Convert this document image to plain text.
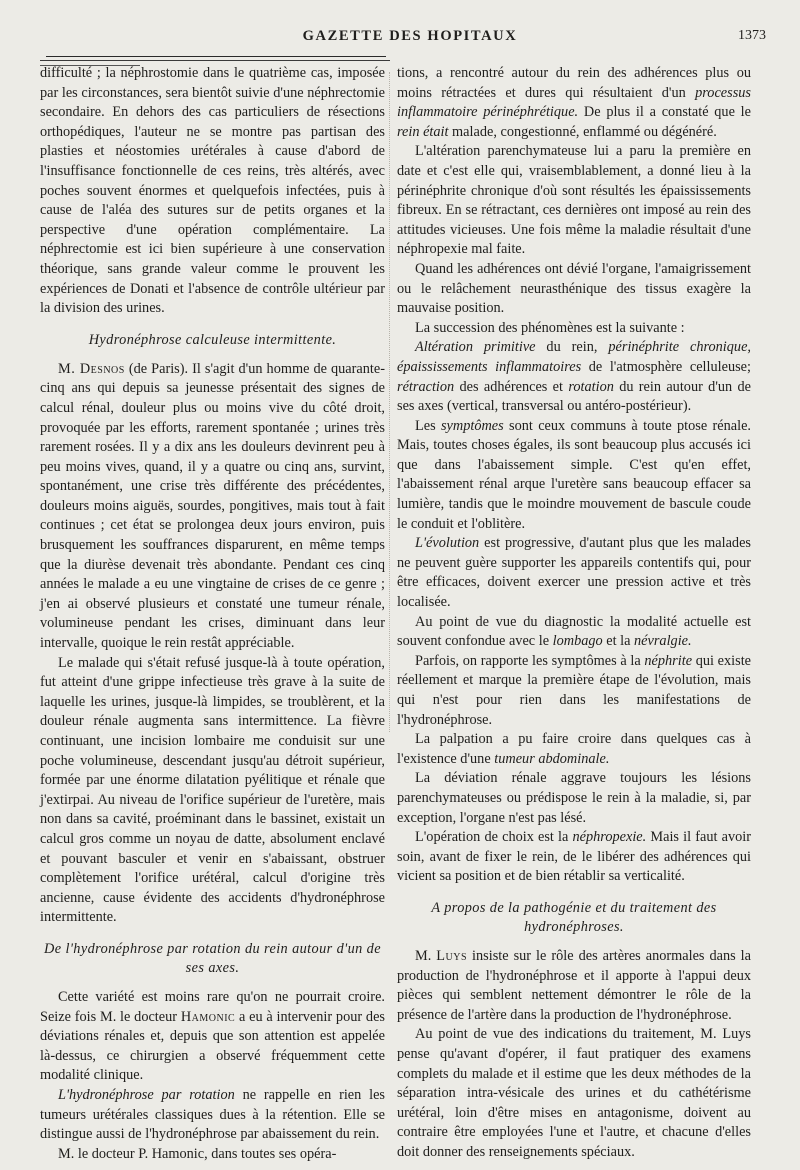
GAZETTE DES HOPITAUX	1373

difficulté ; la néphrostomie dans le quatrième cas, imposée par les circonstances, sera bientôt suivie d'une néphrectomie secondaire. En dehors des cas particuliers de résections orthopédiques, l'auteur ne se montre pas partisan des plasties et néostomies urétérales à cause d'abord de l'insuffisance fonctionnelle de ces reins, très altérés, avec poches souvent énormes et quelquefois infectées, puis à cause de l'aléa des sutures sur de petits organes et la perspective d'une opération complémentaire. La néphrectomie est ici bien supérieure à une conservation théorique, sans grande valeur comme le prouvent les expériences de Donati et l'absence de contrôle ultérieur par la division des urines.

Hydronéphrose calculeuse intermittente.

M. Desnos (de Paris). Il s'agit d'un homme de quarante-cinq ans qui depuis sa jeunesse présentait des signes de calcul rénal, douleur plus ou moins vive du côté droit, provoquée par les efforts, rarement spontanée ; urines très rarement rosées. Il y a dix ans les douleurs devinrent peu à peu moins vives, quand, il y a quatre ou cinq ans, survint, spontanément, une crise très différente des précédentes, douleurs moins aiguës, sourdes, pongitives, mais tout à fait continues ; cet état se prolongea deux jours environ, puis brusquement les souffrances disparurent, en même temps que la diurèse devenait très abondante. Pendant ces cinq années le malade a eu une vingtaine de crises de ce genre ; j'en ai observé plusieurs et constaté une tumeur rénale, volumineuse pendant les crises, diminuant dans leur intervalle, quoique le rein restât appréciable.

Le malade qui s'était refusé jusque-là à toute opération, fut atteint d'une grippe infectieuse très grave à la suite de laquelle les urines, jusque-là limpides, se troublèrent, et la douleur rénale augmenta sans intermittence. La fièvre continuant, une incision lombaire me conduisit sur une poche volumineuse, descendant jusqu'au détroit supérieur, formée par une énorme dilatation pyélitique et rénale que j'extirpai. Au niveau de l'orifice supérieur de l'uretère, mais non dans sa cavité, proéminant dans le bassinet, existait un calcul gros comme un noyau de datte, absolument enclavé et pouvant basculer et venir en s'abaissant, obstruer complètement l'orifice urétéral, calcul d'origine très ancienne, cause évidente des accidents d'hydronéphrose intermittente.

De l'hydronéphrose par rotation du rein autour d'un de ses axes.

Cette variété est moins rare qu'on ne pourrait croire. Seize fois M. le docteur Hamonic a eu à intervenir pour des déviations rénales et, depuis que son attention est appelée là-dessus, ce chirurgien a observé fréquemment cette modalité clinique.

L'hydronéphrose par rotation ne rappelle en rien les tumeurs urétérales classiques dues à la rétention. Elle se distingue aussi de l'hydronéphrose par abaissement du rein.

M. le docteur P. Hamonic, dans toutes ses opéra-

tions, a rencontré autour du rein des adhérences plus ou moins rétractées et dures qui résultaient d'un processus inflammatoire périnéphrétique. De plus il a constaté que le rein était malade, congestionné, enflammé ou dégénéré.

L'altération parenchymateuse lui a paru la première en date et c'est elle qui, vraisemblablement, a donné lieu à la périnéphrite chronique d'où sont résultés les épaississements fibreux. En se rétractant, ces dernières ont imposé au rein des attitudes vicieuses. Une fois même la maladie résultait d'une néphropexie mal faite.

Quand les adhérences ont dévié l'organe, l'amaigrissement ou le relâchement neurasthénique des tissus exagère la mauvaise position.

La succession des phénomènes est la suivante :

Altération primitive du rein, périnéphrite chronique, épaississements inflammatoires de l'atmosphère celluleuse; rétraction des adhérences et rotation du rein autour d'un de ses axes (vertical, transversal ou antéro-postérieur).

Les symptômes sont ceux communs à toute ptose rénale. Mais, toutes choses égales, ils sont beaucoup plus accusés ici que dans l'abaissement simple. C'est qu'en effet, l'abaissement rénal arque l'uretère sans beaucoup effacer sa lumière, tandis que le moindre mouvement de bascule coude le conduit et l'oblitère.

L'évolution est progressive, d'autant plus que les malades ne peuvent guère supporter les appareils contentifs qui, pour être efficaces, doivent exercer une pression active et très localisée.

Au point de vue du diagnostic la modalité actuelle est souvent confondue avec le lombago et la névralgie.

Parfois, on rapporte les symptômes à la néphrite qui existe réellement et marque la première étape de l'évolution, mais qui n'est pour rien dans les manifestations de l'hydronéphrose.

La palpation a pu faire croire dans quelques cas à l'existence d'une tumeur abdominale.

La déviation rénale aggrave toujours les lésions parenchymateuses ou prédispose le rein à la maladie, si, par exception, l'organe n'est pas lésé.

L'opération de choix est la néphropexie. Mais il faut avoir soin, avant de fixer le rein, de le libérer des adhérences qui vicient sa position et de bien rétablir sa verticalité.

A propos de la pathogénie et du traitement des hydronéphroses.

M. Luys insiste sur le rôle des artères anormales dans la production de l'hydronéphrose et il apporte à l'appui deux pièces qui semblent nettement démontrer le rôle de la présence de l'artère dans la production de l'hydronéphrose.

Au point de vue des indications du traitement, M. Luys pense qu'avant d'opérer, il faut pratiquer des examens complets du malade et il estime que les deux méthodes de la séparation intra-vésicale des urines et du cathétérisme urétéral, loin d'être mises en antagonisme, doivent au contraire être employées l'une et l'autre, et chacune d'elles doit donner des renseignements spéciaux.
